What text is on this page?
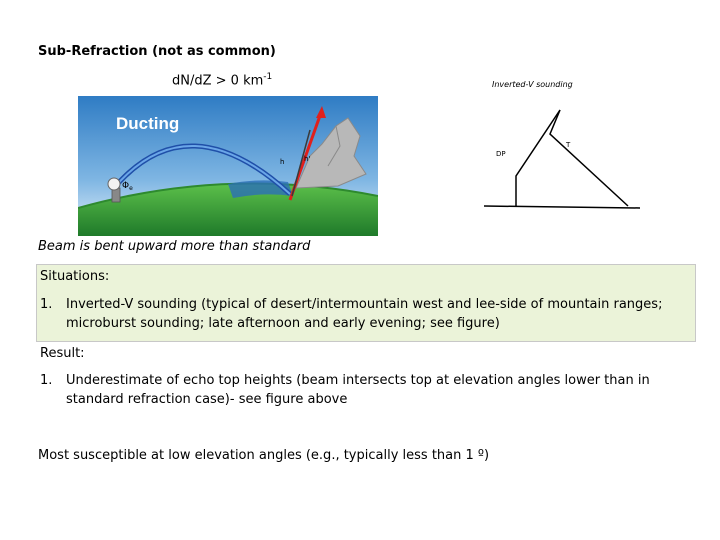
Sub-Refraction (not as common)
dN/dZ > 0 $km^{-1}$
Ducting
h	h'
$\Phi_e$
Inverted-V sounding
DP
T
Beam is bent upward more than standard
Situations:
1. Inverted-V sounding (typical of desert/intermountain west and lee-side of mountain ranges; microburst sounding; late afternoon and early evening; see figure)
Result:
1. Underestimate of echo top heights (beam intersects top at elevation angles lower than in standard refraction case)- see figure above
Most susceptible at low elevation angles (e.g., typically less than 1 º)
